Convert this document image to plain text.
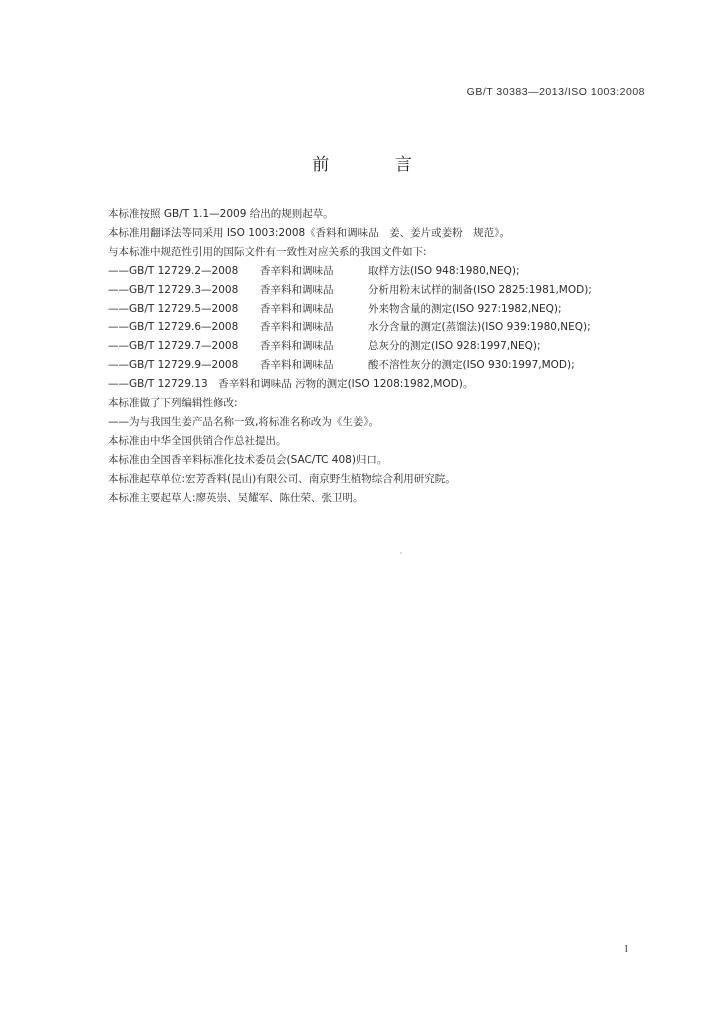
GB/T 30383—2013/ISO 1003:2008
前 言
本标准按照 GB/T 1.1—2009 给出的规则起草。
本标准用翻译法等同采用 ISO 1003:2008《香料和调味品　姜、姜片或姜粉　规范》。
与本标准中规范性引用的国际文件有一致性对应关系的我国文件如下:
——GB/T 12729.2—2008	香辛料和调味品	取样方法(ISO 948:1980,NEQ);
——GB/T 12729.3—2008	香辛料和调味品	分析用粉末试样的制备(ISO 2825:1981,MOD);
——GB/T 12729.5—2008	香辛料和调味品	外来物含量的测定(ISO 927:1982,NEQ);
——GB/T 12729.6—2008	香辛料和调味品	水分含量的测定(蒸馏法)(ISO 939:1980,NEQ);
——GB/T 12729.7—2008	香辛料和调味品	总灰分的测定(ISO 928:1997,NEQ);
——GB/T 12729.9—2008	香辛料和调味品	酸不溶性灰分的测定(ISO 930:1997,MOD);
——GB/T 12729.13　香辛料和调味品 污物的测定(ISO 1208:1982,MOD)。
本标准做了下列编辑性修改:
——为与我国生姜产品名称一致,将标准名称改为《生姜》。
本标准由中华全国供销合作总社提出。
本标准由全国香辛料标准化技术委员会(SAC/TC 408)归口。
本标准起草单位:宏芳香料(昆山)有限公司、南京野生植物综合利用研究院。
本标准主要起草人:廖英崇、吴耀军、陈仕荣、张卫明。
I
